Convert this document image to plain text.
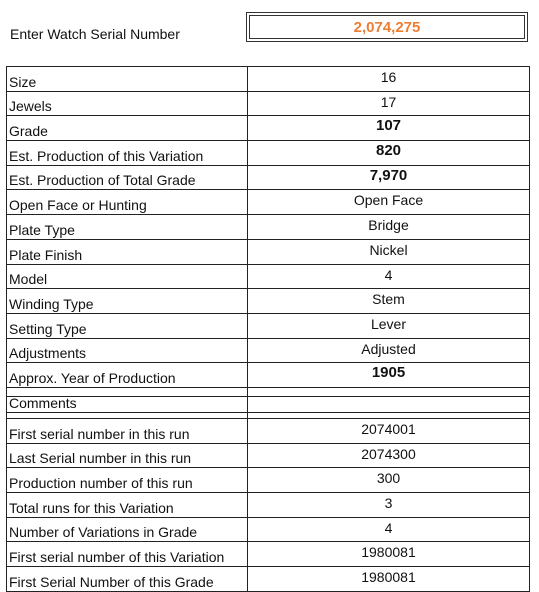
Enter Watch Serial Number	2,074,275
Size	16
Jewels	17
Grade	107
Est. Production of this Variation	820
Est. Production of Total Grade	7,970
Open Face or Hunting	Open Face
Plate Type	Bridge
Plate Finish	Nickel
Model	4
Winding Type	Stem
Setting Type	Lever
Adjustments	Adjusted
Approx. Year of Production	1905
Comments	

First serial number in this run	2074001
Last Serial number in this run	2074300
Production number of this run	300
Total runs for this Variation	3
Number of Variations in Grade	4
First serial number of this Variation	1980081
First Serial Number of this Grade	1980081
